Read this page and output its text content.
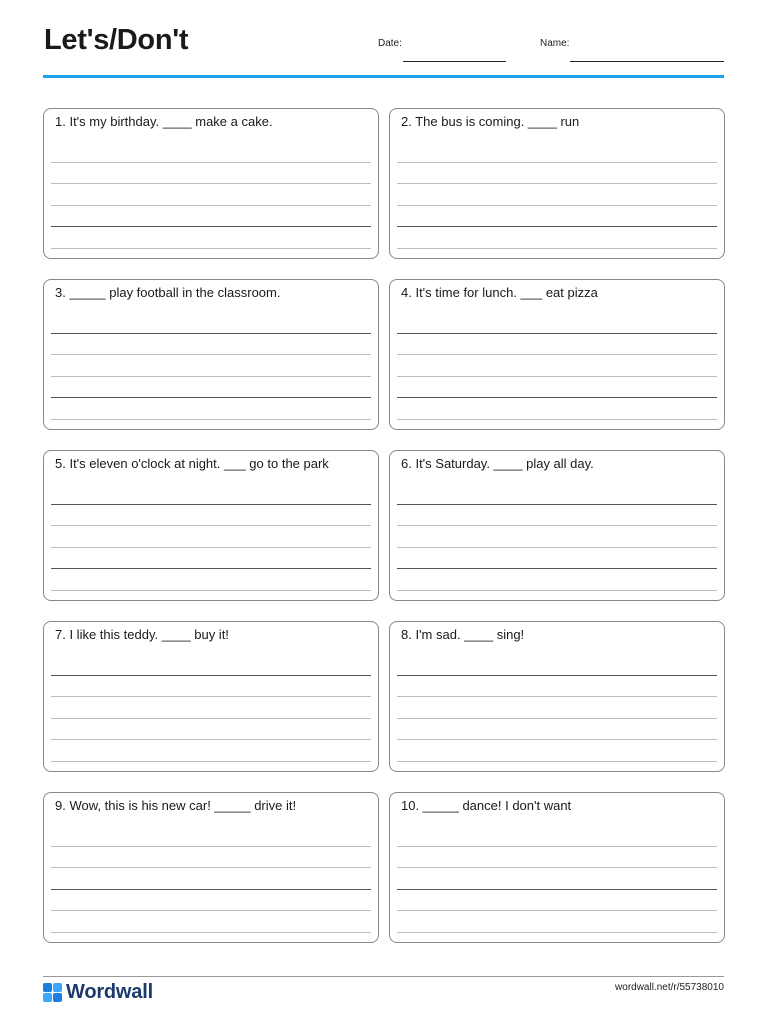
Let's/Don't	Date:	Name:
1. It's my birthday. ____ make a cake.	2. The bus is coming. ____ run
3. _____ play football in the classroom.	4. It's time for lunch. ___ eat pizza
5. It's eleven o'clock at night. ___ go to the park	6. It's Saturday. ____ play all day.
7. I like this teddy. ____ buy it!	8. I'm sad. ____ sing!
9. Wow, this is his new car! _____ drive it!	10. _____ dance! I don't want
Wordwall	wordwall.net/r/55738010
